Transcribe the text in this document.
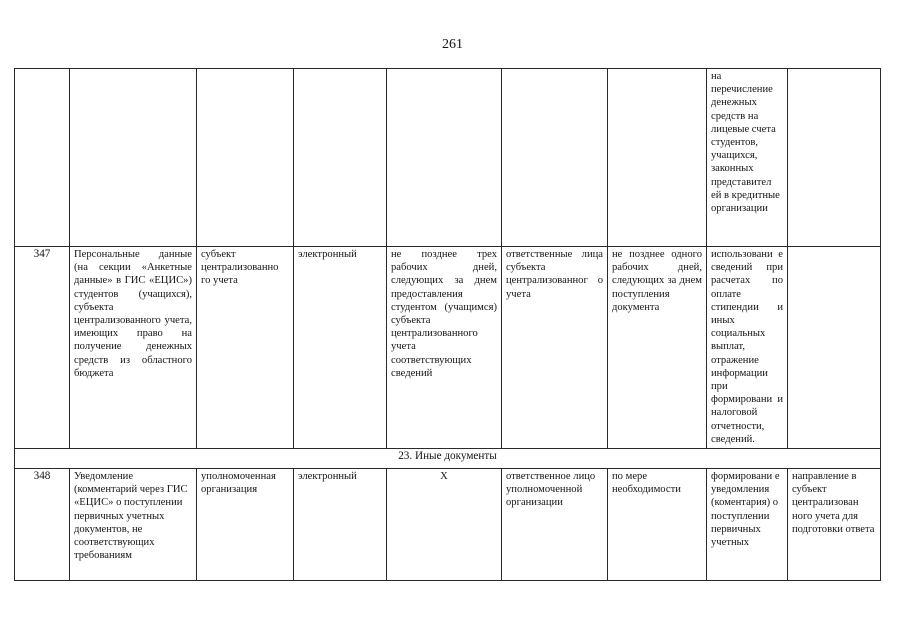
261
							на перечисление денежных средств на лицевые счета студентов, учащихся, законных представител ей в кредитные организации	
347	Персональные данные (на секции «Анкетные данные» в ГИС «ЕЦИС») студентов (учащихся), субъекта централизованного учета, имеющих право на получение денежных средств из областного бюджета	субъект централизованно го учета	электронный	не позднее трех рабочих дней, следующих за днем предоставления студентом (учащимся) субъекта централизованного учета соответствующих сведений	ответственные лица субъекта централизованног о учета	не позднее одного рабочих дней, следующих за днем поступления документа	использовани е сведений при расчетах по оплате стипендии и иных социальных выплат, отражение информации при формировани и налоговой отчетности, сведений.	
23. Иные документы								
348	Уведомление (комментарий через ГИС «ЕЦИС» о поступлении первичных учетных документов, не соответствующих требованиям	уполномоченная организация	электронный	X	ответственное лицо уполномоченной организации	по мере необходимости	формировани е уведомления (коментария) о поступлении первичных учетных	направление в субъект централизован ного учета для подготовки ответа
